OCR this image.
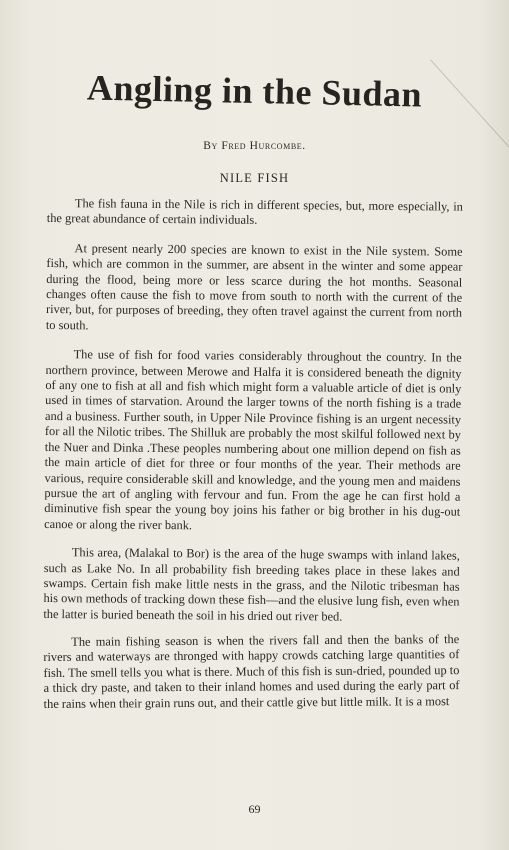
Angling in the Sudan

By Fred Hurcombe.

NILE FISH

The fish fauna in the Nile is rich in different species, but, more especially, in the great abundance of certain individuals.

At present nearly 200 species are known to exist in the Nile system. Some fish, which are common in the summer, are absent in the winter and some appear during the flood, being more or less scarce during the hot months. Seasonal changes often cause the fish to move from south to north with the current of the river, but, for purposes of breeding, they often travel against the current from north to south.

The use of fish for food varies considerably throughout the country. In the northern province, between Merowe and Halfa it is considered beneath the dignity of any one to fish at all and fish which might form a valuable article of diet is only used in times of starvation. Around the larger towns of the north fishing is a trade and a business. Further south, in Upper Nile Province fishing is an urgent necessity for all the Nilotic tribes. The Shilluk are probably the most skilful followed next by the Nuer and Dinka .These peoples numbering about one million depend on fish as the main article of diet for three or four months of the year. Their methods are various, require considerable skill and knowledge, and the young men and maidens pursue the art of angling with fervour and fun. From the age he can first hold a diminutive fish spear the young boy joins his father or big brother in his dug-out canoe or along the river bank.

This area, (Malakal to Bor) is the area of the huge swamps with inland lakes, such as Lake No. In all probability fish breeding takes place in these lakes and swamps. Certain fish make little nests in the grass, and the Nilotic tribesman has his own methods of tracking down these fish—and the elusive lung fish, even when the latter is buried beneath the soil in his dried out river bed.

The main fishing season is when the rivers fall and then the banks of the rivers and waterways are thronged with happy crowds catching large quantities of fish. The smell tells you what is there. Much of this fish is sun-dried, pounded up to a thick dry paste, and taken to their inland homes and used during the early part of the rains when their grain runs out, and their cattle give but little milk. It is a most

69
